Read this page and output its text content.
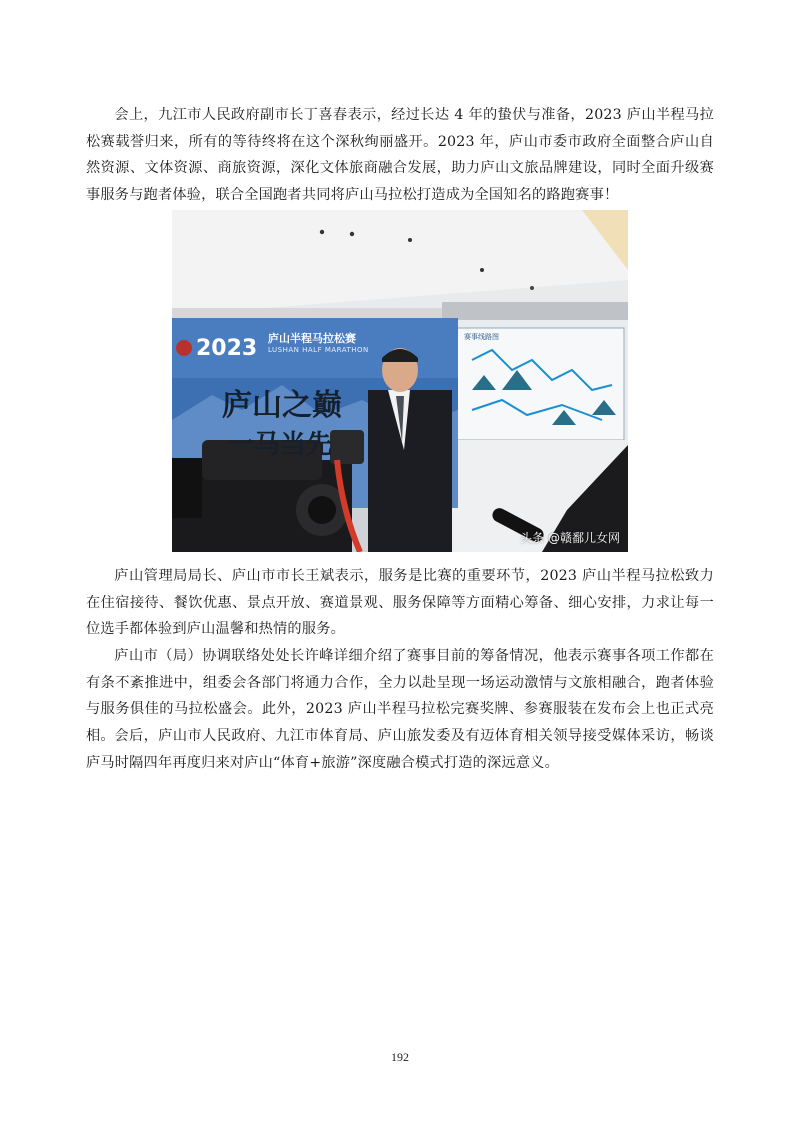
会上，九江市人民政府副市长丁喜春表示，经过长达 4 年的蛰伏与准备，2023 庐山半程马拉松赛载誉归来，所有的等待终将在这个深秋绚丽盛开。2023 年，庐山市委市政府全面整合庐山自然资源、文体资源、商旅资源，深化文体旅商融合发展，助力庐山文旅品牌建设，同时全面升级赛事服务与跑者体验，联合全国跑者共同将庐山马拉松打造成为全国知名的路跑赛事！

2023 庐山半程马拉松赛
LUSHAN HALF MARATHON
庐山之巅
一马当先
赛事线路图
头条 @赣鄱儿女网

庐山管理局局长、庐山市市长王斌表示，服务是比赛的重要环节，2023 庐山半程马拉松致力在住宿接待、餐饮优惠、景点开放、赛道景观、服务保障等方面精心筹备、细心安排，力求让每一位选手都体验到庐山温馨和热情的服务。

庐山市（局）协调联络处处长许峰详细介绍了赛事目前的筹备情况，他表示赛事各项工作都在有条不紊推进中，组委会各部门将通力合作，全力以赴呈现一场运动激情与文旅相融合，跑者体验与服务俱佳的马拉松盛会。此外，2023 庐山半程马拉松完赛奖牌、参赛服装在发布会上也正式亮相。 会后，庐山市人民政府、九江市体育局、庐山旅发委及有迈体育相关领导接受媒体采访，畅谈庐马时隔四年再度归来对庐山“体育+旅游”深度融合模式打造的深远意义。

192
